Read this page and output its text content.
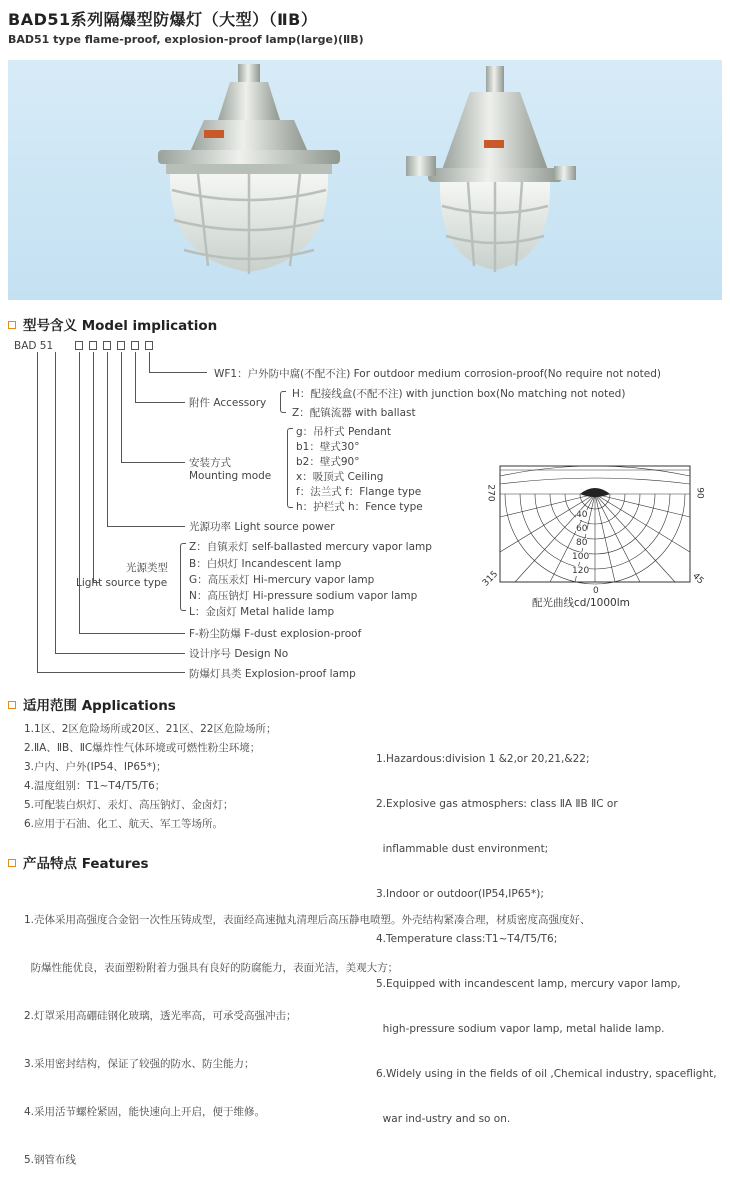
BAD51系列隔爆型防爆灯（大型）（ⅡB）
BAD51 type flame-proof, explosion-proof lamp(large)(ⅡB)
型号含义 Model implication
BAD 51
WF1：户外防中腐(不配不注) For outdoor medium corrosion-proof(No require not noted)
附件 Accessory
H：配接线盒(不配不注) with junction box(No matching not noted)
Z：配镇流器 with ballast
安装方式
Mounting mode
g：吊杆式 Pendant
b1：壁式30°
b2：壁式90°
x：吸顶式 Ceiling
f：法兰式 f：Flange type
h：护栏式 h：Fence type
光源功率 Light source power
光源类型
Light source type
Z：自镇汞灯 self-ballasted mercury vapor lamp
B：白炽灯 Incandescent lamp
G：高压汞灯 Hi-mercury vapor lamp
N：高压钠灯 Hi-pressure sodium vapor lamp
L：金卤灯 Metal halide lamp
F-粉尘防爆 F-dust explosion-proof
设计序号 Design No
防爆灯具类 Explosion-proof lamp
270	90
315
0
45
40
60
80
100
120
配光曲线cd/1000lm
适用范围 Applications
1.1区、2区危险场所或20区、21区、22区危险场所；
2.ⅡA、ⅡB、ⅡC爆炸性气体环境或可燃性粉尘环境；
3.户内、户外(IP54、IP65*)；
4.温度组别：T1~T4/T5/T6；
5.可配装白炽灯、汞灯、高压钠灯、金卤灯；
6.应用于石油、化工、航天、军工等场所。

1.Hazardous:division 1 &2,or 20,21,&22;

2.Explosive gas atmosphers: class ⅡA ⅡB ⅡC or

inflammable dust environment;

3.Indoor or outdoor(IP54,IP65*);

4.Temperature class:T1~T4/T5/T6;

5.Equipped with incandescent lamp, mercury vapor lamp,

high-pressure sodium vapor lamp, metal halide lamp.

6.Widely using in the fields of oil ,Chemical industry, spaceflight,

war ind-ustry and so on.

产品特点 Features

1.壳体采用高强度合金铝一次性压铸成型，表面经高速抛丸清理后高压静电喷塑。外壳结构紧凑合理，材质密度高强度好、

防爆性能优良，表面塑粉附着力强具有良好的防腐能力，表面光洁，美观大方；

2.灯罩采用高硼硅钢化玻璃，透光率高，可承受高强冲击；

3.采用密封结构，保证了较强的防水、防尘能力；

4.采用活节螺栓紧固，能快速向上开启，便于维修。

5.钢管布线
